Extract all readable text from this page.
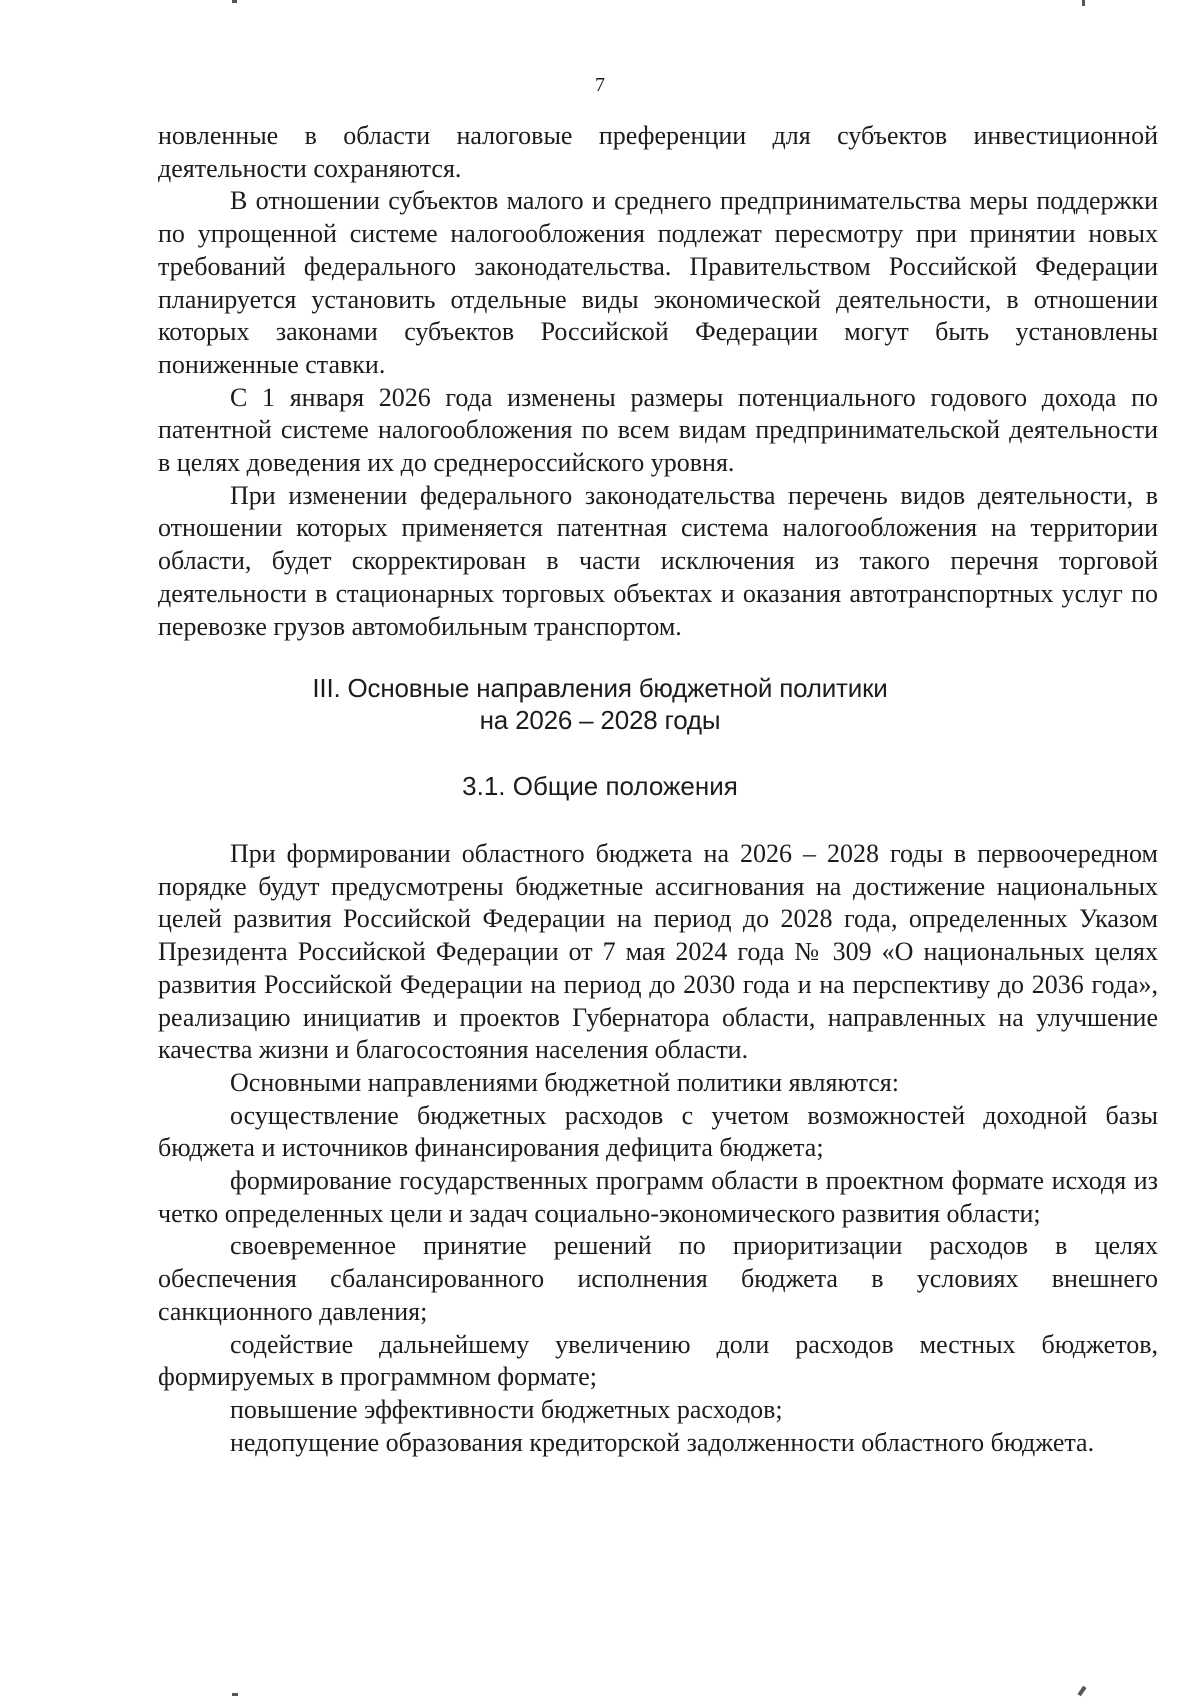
7

новленные в области налоговые преференции для субъектов инвестиционной деятельности сохраняются.

В отношении субъектов малого и среднего предпринимательства меры поддержки по упрощенной системе налогообложения подлежат пересмотру при принятии новых требований федерального законодательства. Правительством Российской Федерации планируется установить отдельные виды экономической деятельности, в отношении которых законами субъектов Российской Федерации могут быть установлены пониженные ставки.

С 1 января 2026 года изменены размеры потенциального годового дохода по патентной системе налогообложения по всем видам предпринимательской деятельности в целях доведения их до среднероссийского уровня.

При изменении федерального законодательства перечень видов деятельности, в отношении которых применяется патентная система налогообложения на территории области, будет скорректирован в части исключения из такого перечня торговой деятельности в стационарных торговых объектах и оказания автотранспортных услуг по перевозке грузов автомобильным транспортом.

III. Основные направления бюджетной политики
на 2026 – 2028 годы
3.1. Общие положения

При формировании областного бюджета на 2026 – 2028 годы в первоочередном порядке будут предусмотрены бюджетные ассигнования на достижение национальных целей развития Российской Федерации на период до 2028 года, определенных Указом Президента Российской Федерации от 7 мая 2024 года № 309 «О национальных целях развития Российской Федерации на период до 2030 года и на перспективу до 2036 года», реализацию инициатив и проектов Губернатора области, направленных на улучшение качества жизни и благосостояния населения области.

Основными направлениями бюджетной политики являются:

осуществление бюджетных расходов с учетом возможностей доходной базы бюджета и источников финансирования дефицита бюджета;

формирование государственных программ области в проектном формате исходя из четко определенных цели и задач социально-экономического развития области;

своевременное принятие решений по приоритизации расходов в целях обеспечения сбалансированного исполнения бюджета в условиях внешнего санкционного давления;

содействие дальнейшему увеличению доли расходов местных бюджетов, формируемых в программном формате;

повышение эффективности бюджетных расходов;

недопущение образования кредиторской задолженности областного бюджета.
